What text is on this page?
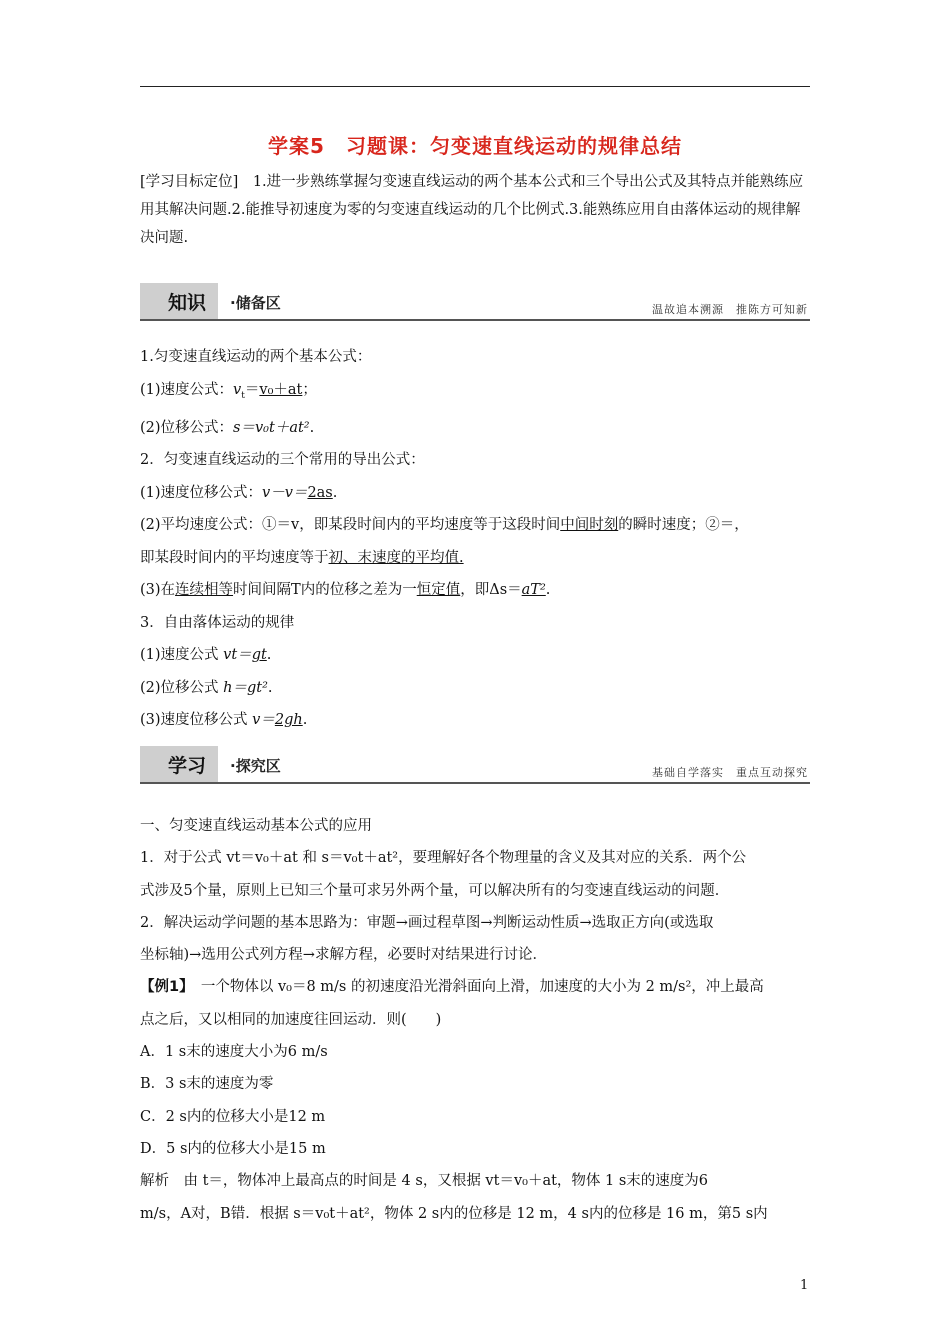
学案5　习题课：匀变速直线运动的规律总结
[学习目标定位]　1.进一步熟练掌握匀变速直线运动的两个基本公式和三个导出公式及其特点并能熟练应用其解决问题.2.能推导初速度为零的匀变速直线运动的几个比例式.3.能熟练应用自由落体运动的规律解决问题.
知识 ·储备区	温故追本溯源　推陈方可知新

1.匀变速直线运动的两个基本公式：

(1)速度公式：$v_t=v_0+at$；

(2)位移公式：s＝v₀t＋at².

2．匀变速直线运动的三个常用的导出公式：

(1)速度位移公式：v－v＝2as.

(2)平均速度公式：①＝v，即某段时间内的平均速度等于这段时间中间时刻的瞬时速度；②＝，

即某段时间内的平均速度等于初、末速度的平均值.

(3)在连续相等时间间隔T内的位移之差为一恒定值，即Δs＝aT².

3．自由落体运动的规律

(1)速度公式 vt＝gt.

(2)位移公式 h＝gt².

(3)速度位移公式 v＝2gh.

学习 ·探究区	基础自学落实　重点互动探究

一、匀变速直线运动基本公式的应用

1．对于公式 vt＝v₀＋at 和 s＝v₀t＋at²，要理解好各个物理量的含义及其对应的关系．两个公

式涉及5个量，原则上已知三个量可求另外两个量，可以解决所有的匀变速直线运动的问题．

2．解决运动学问题的基本思路为：审题→画过程草图→判断运动性质→选取正方向(或选取

坐标轴)→选用公式列方程→求解方程，必要时对结果进行讨论．

【例1】　一个物体以 v₀＝8 m/s 的初速度沿光滑斜面向上滑，加速度的大小为 2 m/s²，冲上最高

点之后，又以相同的加速度往回运动．则(　　)

A．1 s末的速度大小为6 m/s

B．3 s末的速度为零

C．2 s内的位移大小是12 m

D．5 s内的位移大小是15 m

解析　由 t＝，物体冲上最高点的时间是 4 s，又根据 vt＝v₀＋at，物体 1 s末的速度为6

m/s，A对，B错．根据 s＝v₀t＋at²，物体 2 s内的位移是 12 m，4 s内的位移是 16 m，第5 s内

1
